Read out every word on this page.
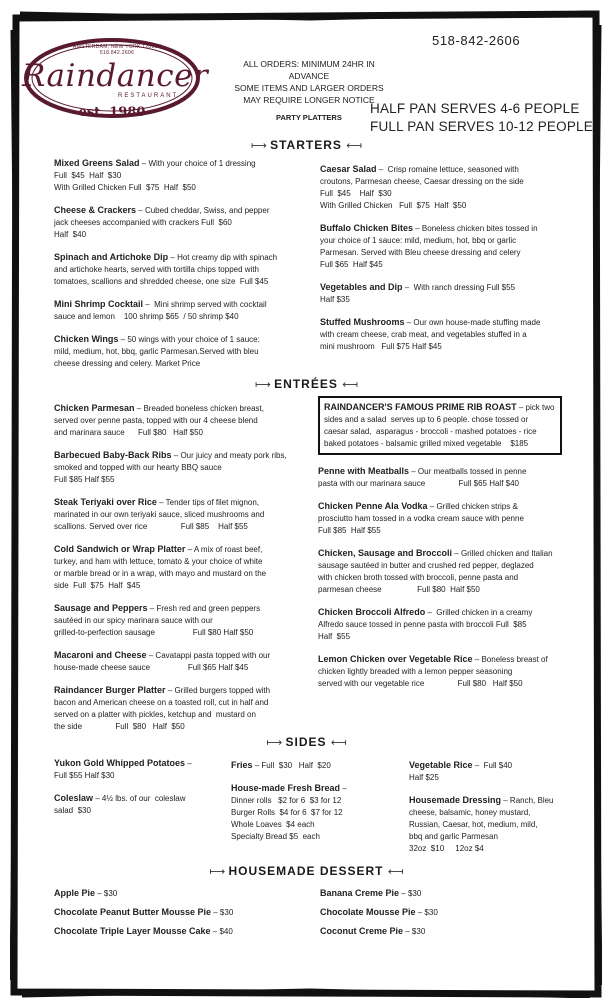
AMSTERDAM, NEW YORK 12010 | 518.842.2606
Raindancer
RESTAURANT
est. 1980
518-842-2606
ALL ORDERS: MINIMUM 24HR IN ADVANCE
SOME ITEMS AND LARGER ORDERS
MAY REQUIRE LONGER NOTICE
PARTY PLATTERS
HALF PAN SERVES 4-6 PEOPLE
FULL PAN SERVES 10-12 PEOPLE
⟼ STARTERS ⟻
Mixed Greens Salad – With your choice of 1 dressing
Full  $45  Half  $30
With Grilled Chicken Full  $75  Half  $50
Cheese & Crackers – Cubed cheddar, Swiss, and pepper
jack cheeses accompanied with crackers Full  $60
Half  $40
Spinach and Artichoke Dip – Hot creamy dip with spinach
and artichoke hearts, served with tortilla chips topped with
tomatoes, scallions and shredded cheese, one size  Full $45
Mini Shrimp Cocktail –  Mini shrimp served with cocktail
sauce and lemon    100 shrimp $65  / 50 shrimp $40
Chicken Wings – 50 wings with your choice of 1 sauce:
mild, medium, hot, bbq, garlic Parmesan.Served with bleu
cheese dressing and celery. Market Price
Caesar Salad –  Crisp romaine lettuce, seasoned with
croutons, Parmesan cheese, Caesar dressing on the side
Full  $45    Half  $30
With Grilled Chicken   Full  $75  Half  $50
Buffalo Chicken Bites – Boneless chicken bites tossed in
your choice of 1 sauce: mild, medium, hot, bbq or garlic
Parmesan. Served with Bleu cheese dressing and celery
Full $65  Half $45
Vegetables and Dip –  With ranch dressing Full $55
Half $35
Stuffed Mushrooms – Our own house-made stuffing made
with cream cheese, crab meat, and vegetables stuffed in a
mini mushroom   Full $75 Half $45
⟼ ENTRÉES ⟻
Chicken Parmesan – Breaded boneless chicken breast,
served over penne pasta, topped with our 4 cheese blend
and marinara sauce      Full $80   Half $50
Barbecued Baby-Back Ribs – Our juicy and meaty pork ribs,
smoked and topped with our hearty BBQ sauce
Full $85 Half $55
Steak Teriyaki over Rice – Tender tips of filet mignon,
marinated in our own teriyaki sauce, sliced mushrooms and
scallions. Served over rice               Full $85    Half $55
Cold Sandwich or Wrap Platter – A mix of roast beef,
turkey, and ham with lettuce, tomato & your choice of white
or marble bread or in a wrap, with mayo and mustard on the
side  Full  $75  Half  $45
Sausage and Peppers – Fresh red and green peppers
sautéed in our spicy marinara sauce with our
grilled-to-perfection sausage                 Full $80 Half $50
Macaroni and Cheese – Cavatappi pasta topped with our
house-made cheese sauce                 Full $65 Half $45
Raindancer Burger Platter – Grilled burgers topped with
bacon and American cheese on a toasted roll, cut in half and
served on a platter with pickles, ketchup and  mustard on
the side               Full  $80   Half  $50
RAINDANCER'S FAMOUS PRIME RIB ROAST – pick two
sides and a salad  serves up to 6 people. chose tossed or
caesar salad,  asparagus - broccoli - mashed potatoes - rice
baked potatoes - balsamic grilled mixed vegetable    $185
Penne with Meatballs – Our meatballs tossed in penne
pasta with our marinara sauce               Full $65 Half $40
Chicken Penne Ala Vodka – Grilled chicken strips &
prosciutto ham tossed in a vodka cream sauce with penne
Full $85  Half $55
Chicken, Sausage and Broccoli – Grilled chicken and Italian
sausage sautéed in butter and crushed red pepper, deglazed
with chicken broth tossed with broccoli, penne pasta and
parmesan cheese                Full $80  Half $50
Chicken Broccoli Alfredo –  Grilled chicken in a creamy
Alfredo sauce tossed in penne pasta with broccoli Full  $85
Half  $55
Lemon Chicken over Vegetable Rice – Boneless breast of
chicken lightly breaded with a lemon pepper seasoning
served with our vegetable rice               Full $80   Half $50
⟼ SIDES ⟻
Yukon Gold Whipped Potatoes –
Full $55 Half $30
Coleslaw – 4½ lbs. of our  coleslaw
salad  $30
Fries – Full  $30   Half  $20
House-made Fresh Bread –
Dinner rolls   $2 for 6  $3 for 12
Burger Rolls  $4 for 6  $7 for 12
Whole Loaves  $4 each
Specialty Bread $5  each
Vegetable Rice –  Full $40
Half $25
Housemade Dressing – Ranch, Bleu
cheese, balsamic, honey mustard,
Russian, Caesar, hot, medium, mild,
bbq and garlic Parmesan
32oz  $10     12oz $4
⟼ HOUSEMADE DESSERT ⟻
Apple Pie – $30
Chocolate Peanut Butter Mousse Pie – $30
Chocolate Triple Layer Mousse Cake – $40
Banana Creme Pie – $30
Chocolate Mousse Pie – $30
Coconut Creme Pie – $30
